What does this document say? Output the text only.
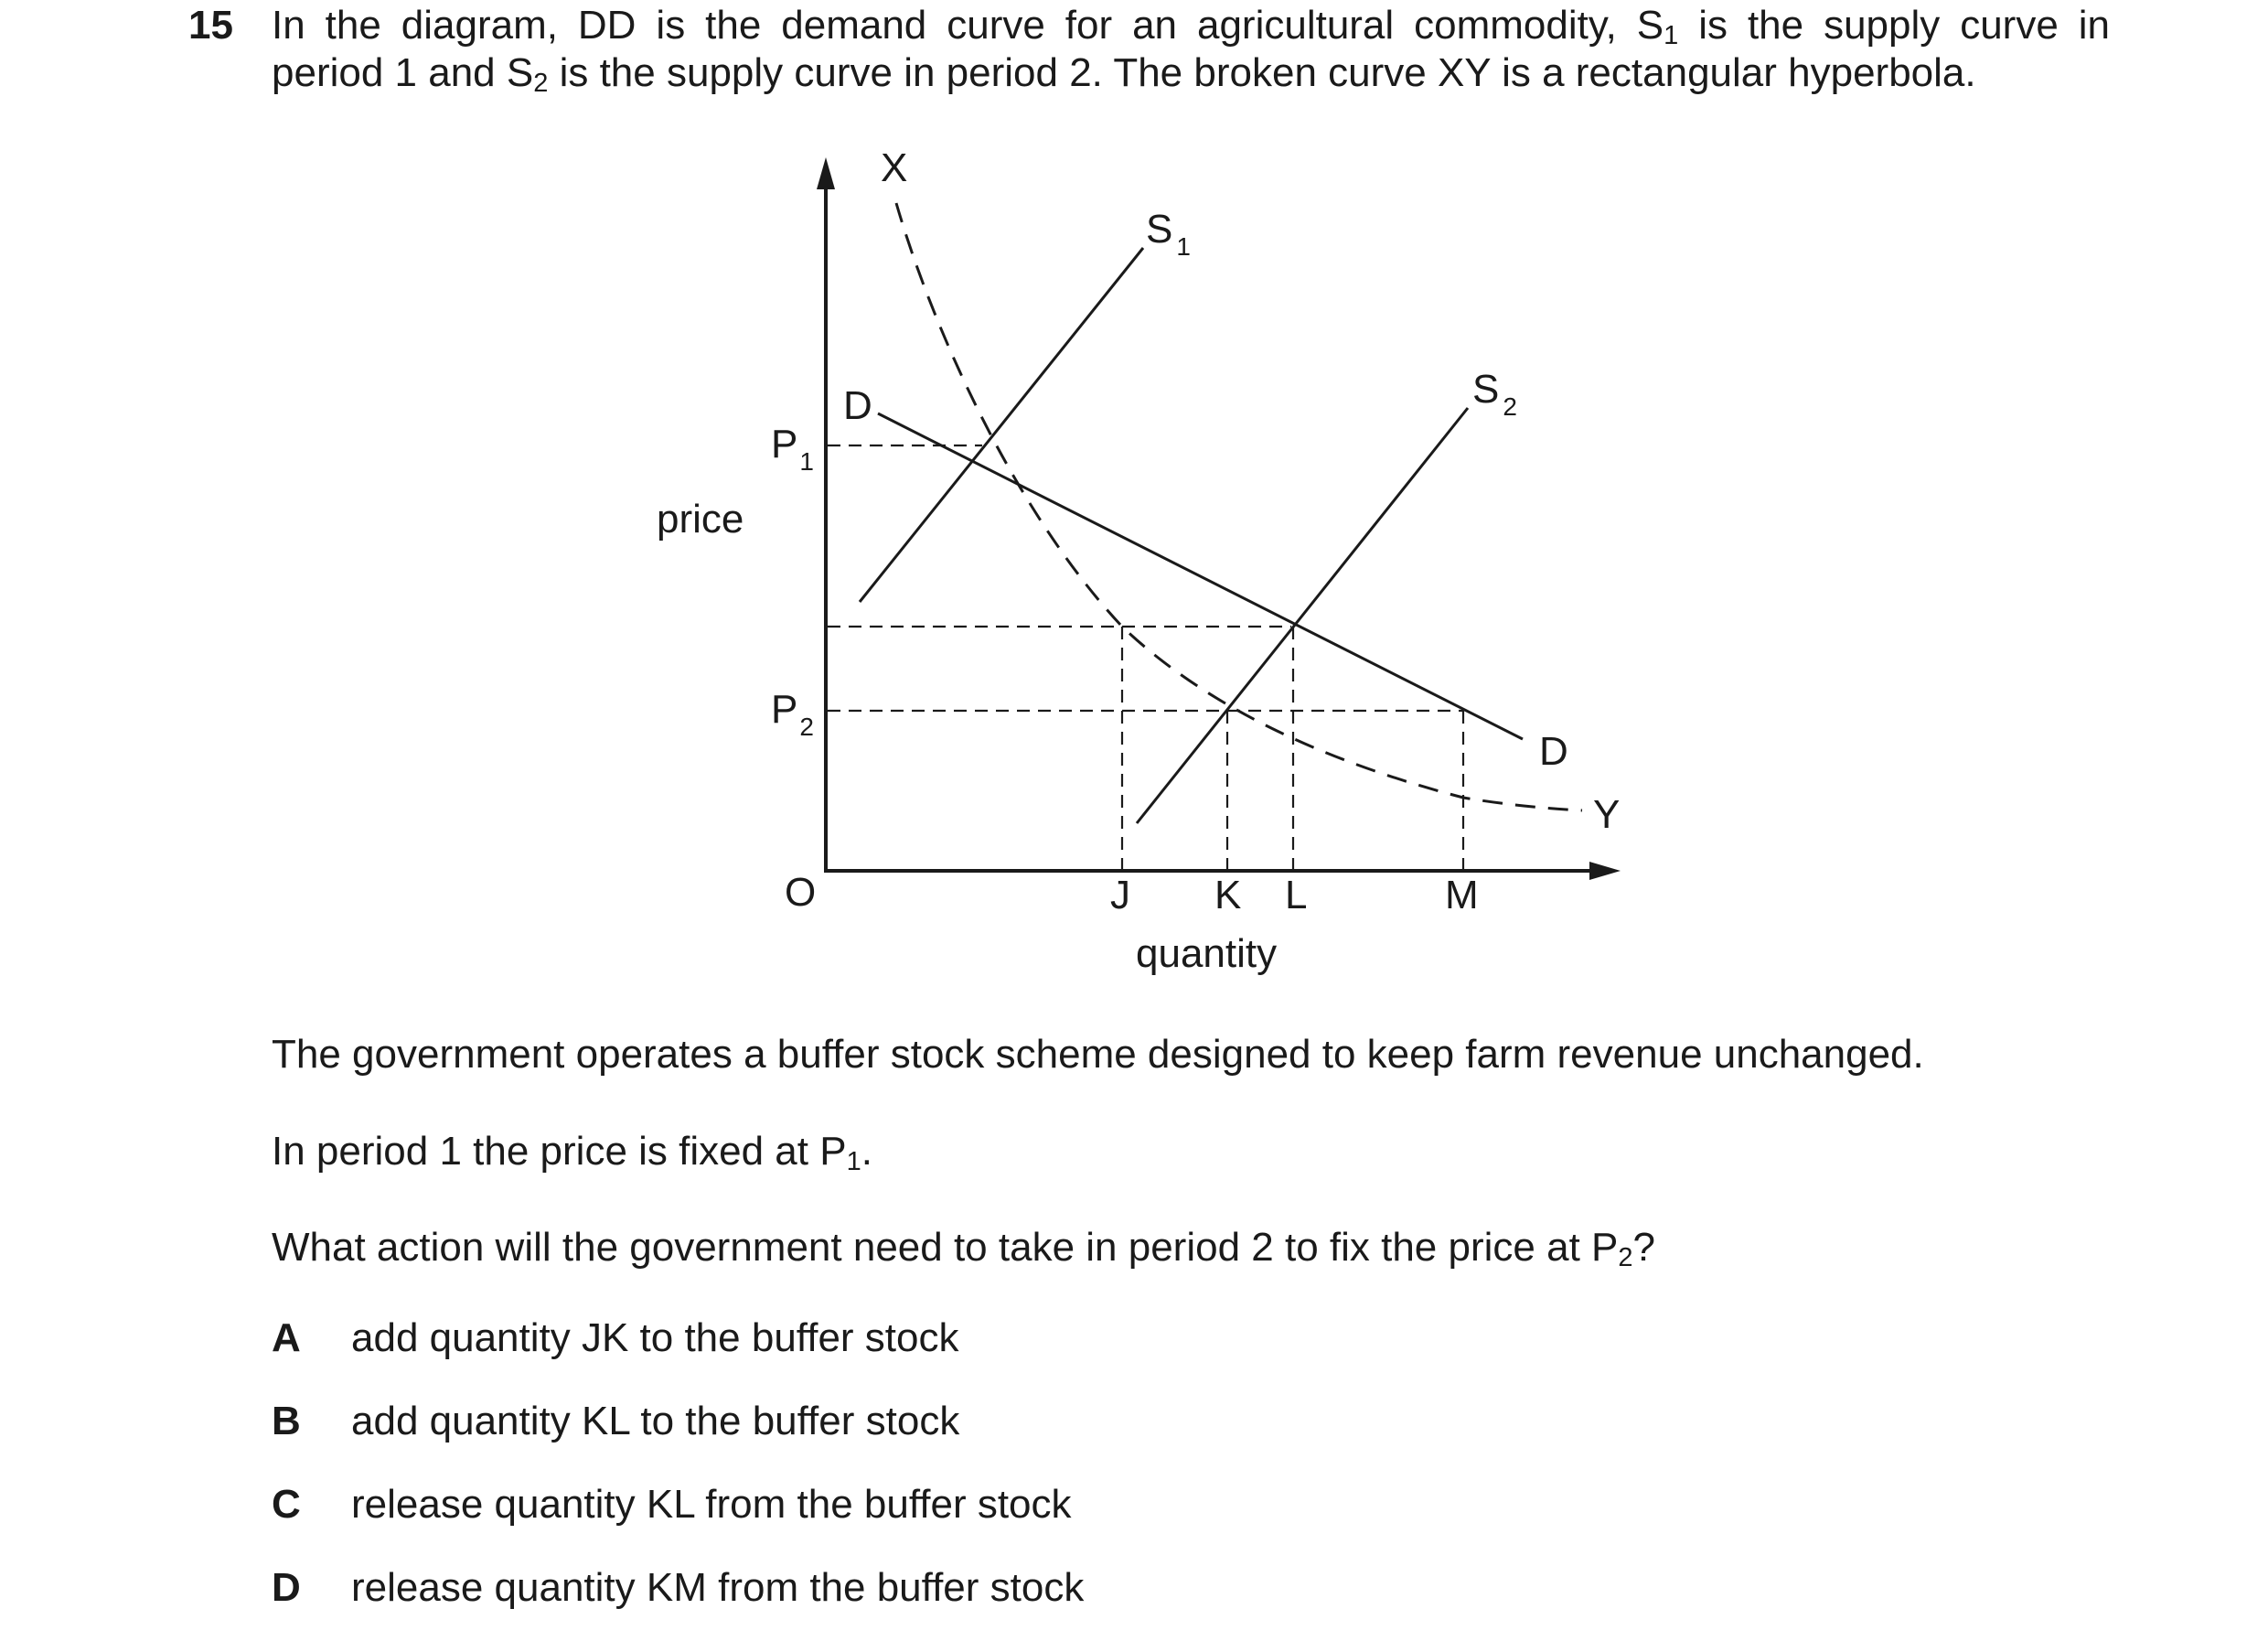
15 In the diagram, DD is the demand curve for an agricultural commodity, $S_1$ is the supply curve in
period 1 and $S_2$ is the supply curve in period 2. The broken curve XY is a rectangular hyperbola.
price
quantity
O
$P_1$
$P_2$
J K L	M
D
D
S $_1$
S $_2$
X
Y
The government operates a buffer stock scheme designed to keep farm revenue unchanged.
In period 1 the price is fixed at $P_1$.
What action will the government need to take in period 2 to fix the price at $P_2$?
A add quantity JK to the buffer stock
B add quantity KL to the buffer stock
C release quantity KL from the buffer stock
D release quantity KM from the buffer stock
